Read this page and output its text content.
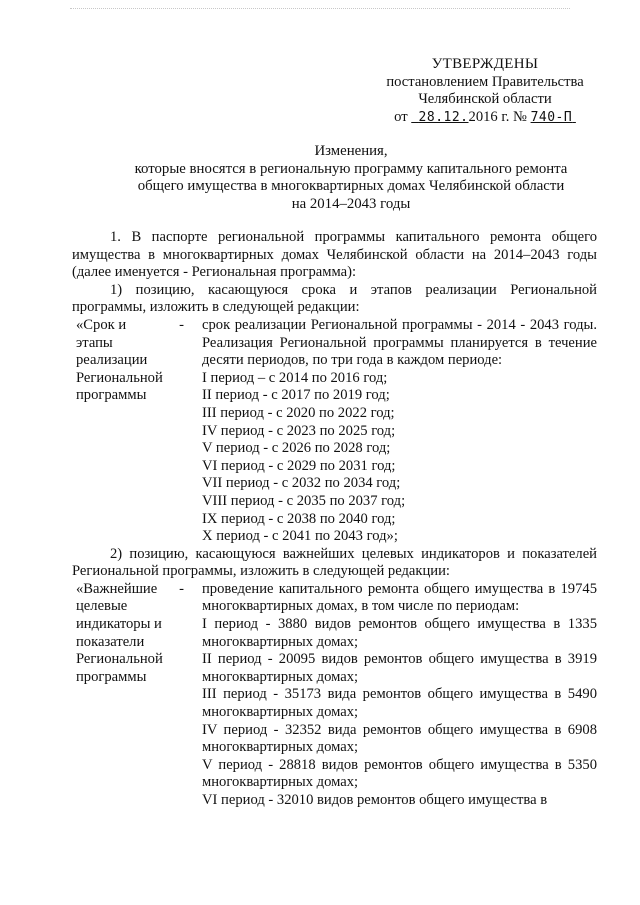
УТВЕРЖДЕНЫ
постановлением Правительства
Челябинской области
от 28.12.2016 г. № 740-П
Изменения,
которые вносятся в региональную программу капитального ремонта
общего имущества в многоквартирных домах Челябинской области
на 2014–2043 годы

1. В паспорте региональной программы капитального ремонта общего имущества в многоквартирных домах Челябинской области на 2014–2043 годы (далее именуется - Региональная программа):

1) позицию, касающуюся срока и этапов реализации Региональной программы, изложить в следующей редакции:

«Срок и
этапы
реализации
Региональной
программы
- срок реализации Региональной программы - 2014 - 2043 годы. Реализация Региональной программы планируется в течение десяти периодов, по три года в каждом периоде:
I период – с 2014 по 2016 год;
II период - с 2017 по 2019 год;
III период - с 2020 по 2022 год;
IV период - с 2023 по 2025 год;
V период - с 2026 по 2028 год;
VI период - с 2029 по 2031 год;
VII период - с 2032 по 2034 год;
VIII период - с 2035 по 2037 год;
IX период - с 2038 по 2040 год;
X период - с 2041 по 2043 год»;

2) позицию, касающуюся важнейших целевых индикаторов и показателей Региональной программы, изложить в следующей редакции:

«Важнейшие
целевые
индикаторы и
показатели
Региональной
программы
- проведение капитального ремонта общего имущества в 19745 многоквартирных домах, в том числе по периодам:
I период - 3880 видов ремонтов общего имущества в 1335 многоквартирных домах;
II период - 20095 видов ремонтов общего имущества в 3919 многоквартирных домах;
III период - 35173 вида ремонтов общего имущества в 5490 многоквартирных домах;
IV период - 32352 вида ремонтов общего имущества в 6908 многоквартирных домах;
V период - 28818 видов ремонтов общего имущества в 5350 многоквартирных домах;
VI период - 32010 видов ремонтов общего имущества в
